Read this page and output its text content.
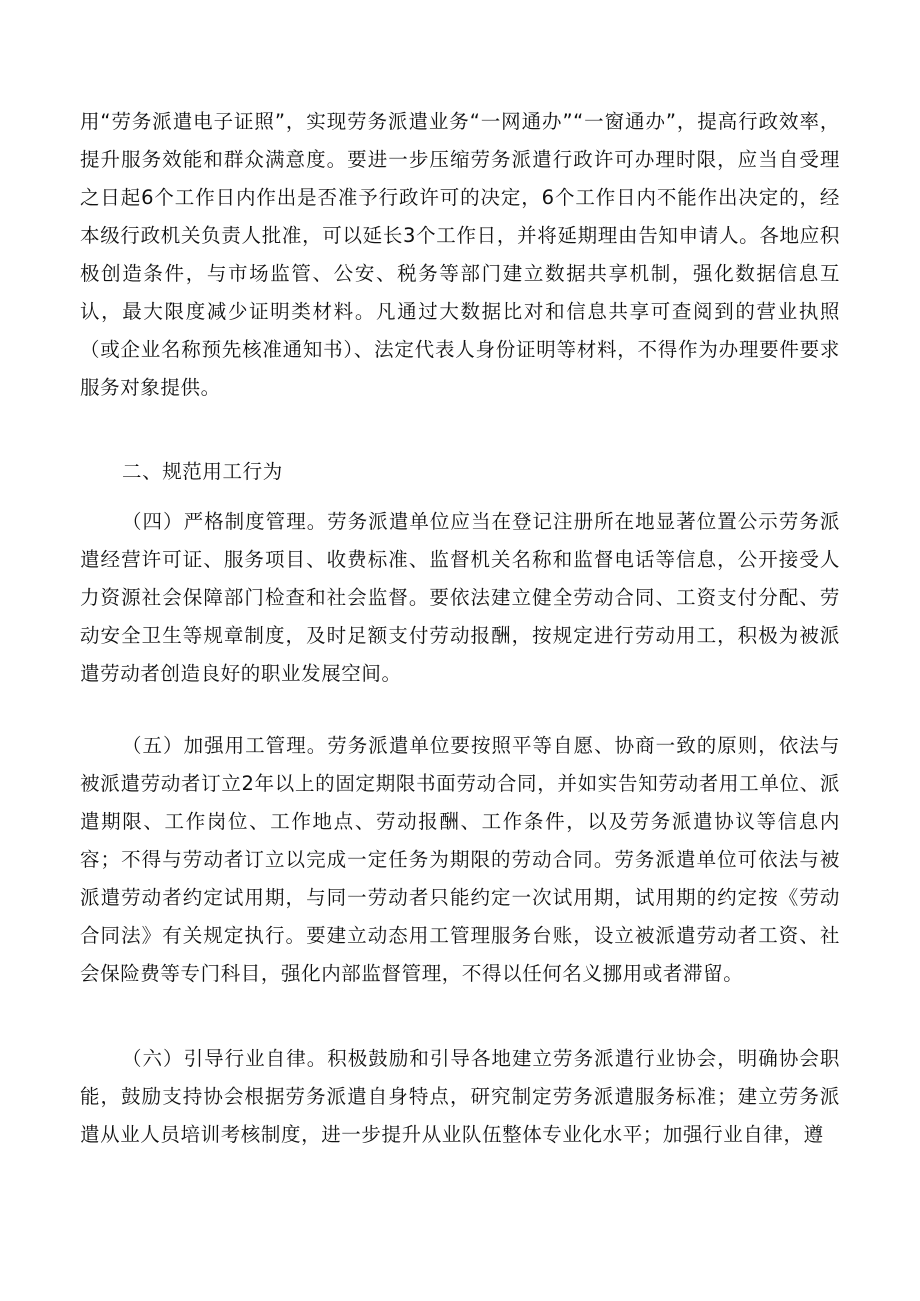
用“劳务派遣电子证照”，实现劳务派遣业务“一网通办”“一窗通办”，提高行政效率，提升服务效能和群众满意度。要进一步压缩劳务派遣行政许可办理时限，应当自受理之日起6个工作日内作出是否准予行政许可的决定，6个工作日内不能作出决定的，经本级行政机关负责人批准，可以延长3个工作日，并将延期理由告知申请人。各地应积极创造条件，与市场监管、公安、税务等部门建立数据共享机制，强化数据信息互认，最大限度减少证明类材料。凡通过大数据比对和信息共享可查阅到的营业执照（或企业名称预先核准通知书）、法定代表人身份证明等材料，不得作为办理要件要求服务对象提供。

二、规范用工行为

（四）严格制度管理。劳务派遣单位应当在登记注册所在地显著位置公示劳务派遣经营许可证、服务项目、收费标准、监督机关名称和监督电话等信息，公开接受人力资源社会保障部门检查和社会监督。要依法建立健全劳动合同、工资支付分配、劳动安全卫生等规章制度，及时足额支付劳动报酬，按规定进行劳动用工，积极为被派遣劳动者创造良好的职业发展空间。

（五）加强用工管理。劳务派遣单位要按照平等自愿、协商一致的原则，依法与被派遣劳动者订立2年以上的固定期限书面劳动合同，并如实告知劳动者用工单位、派遣期限、工作岗位、工作地点、劳动报酬、工作条件，以及劳务派遣协议等信息内容；不得与劳动者订立以完成一定任务为期限的劳动合同。劳务派遣单位可依法与被派遣劳动者约定试用期，与同一劳动者只能约定一次试用期，试用期的约定按《劳动合同法》有关规定执行。要建立动态用工管理服务台账，设立被派遣劳动者工资、社会保险费等专门科目，强化内部监督管理，不得以任何名义挪用或者滞留。

（六）引导行业自律。积极鼓励和引导各地建立劳务派遣行业协会，明确协会职能，鼓励支持协会根据劳务派遣自身特点，研究制定劳务派遣服务标准；建立劳务派遣从业人员培训考核制度，进一步提升从业队伍整体专业化水平；加强行业自律，遵
